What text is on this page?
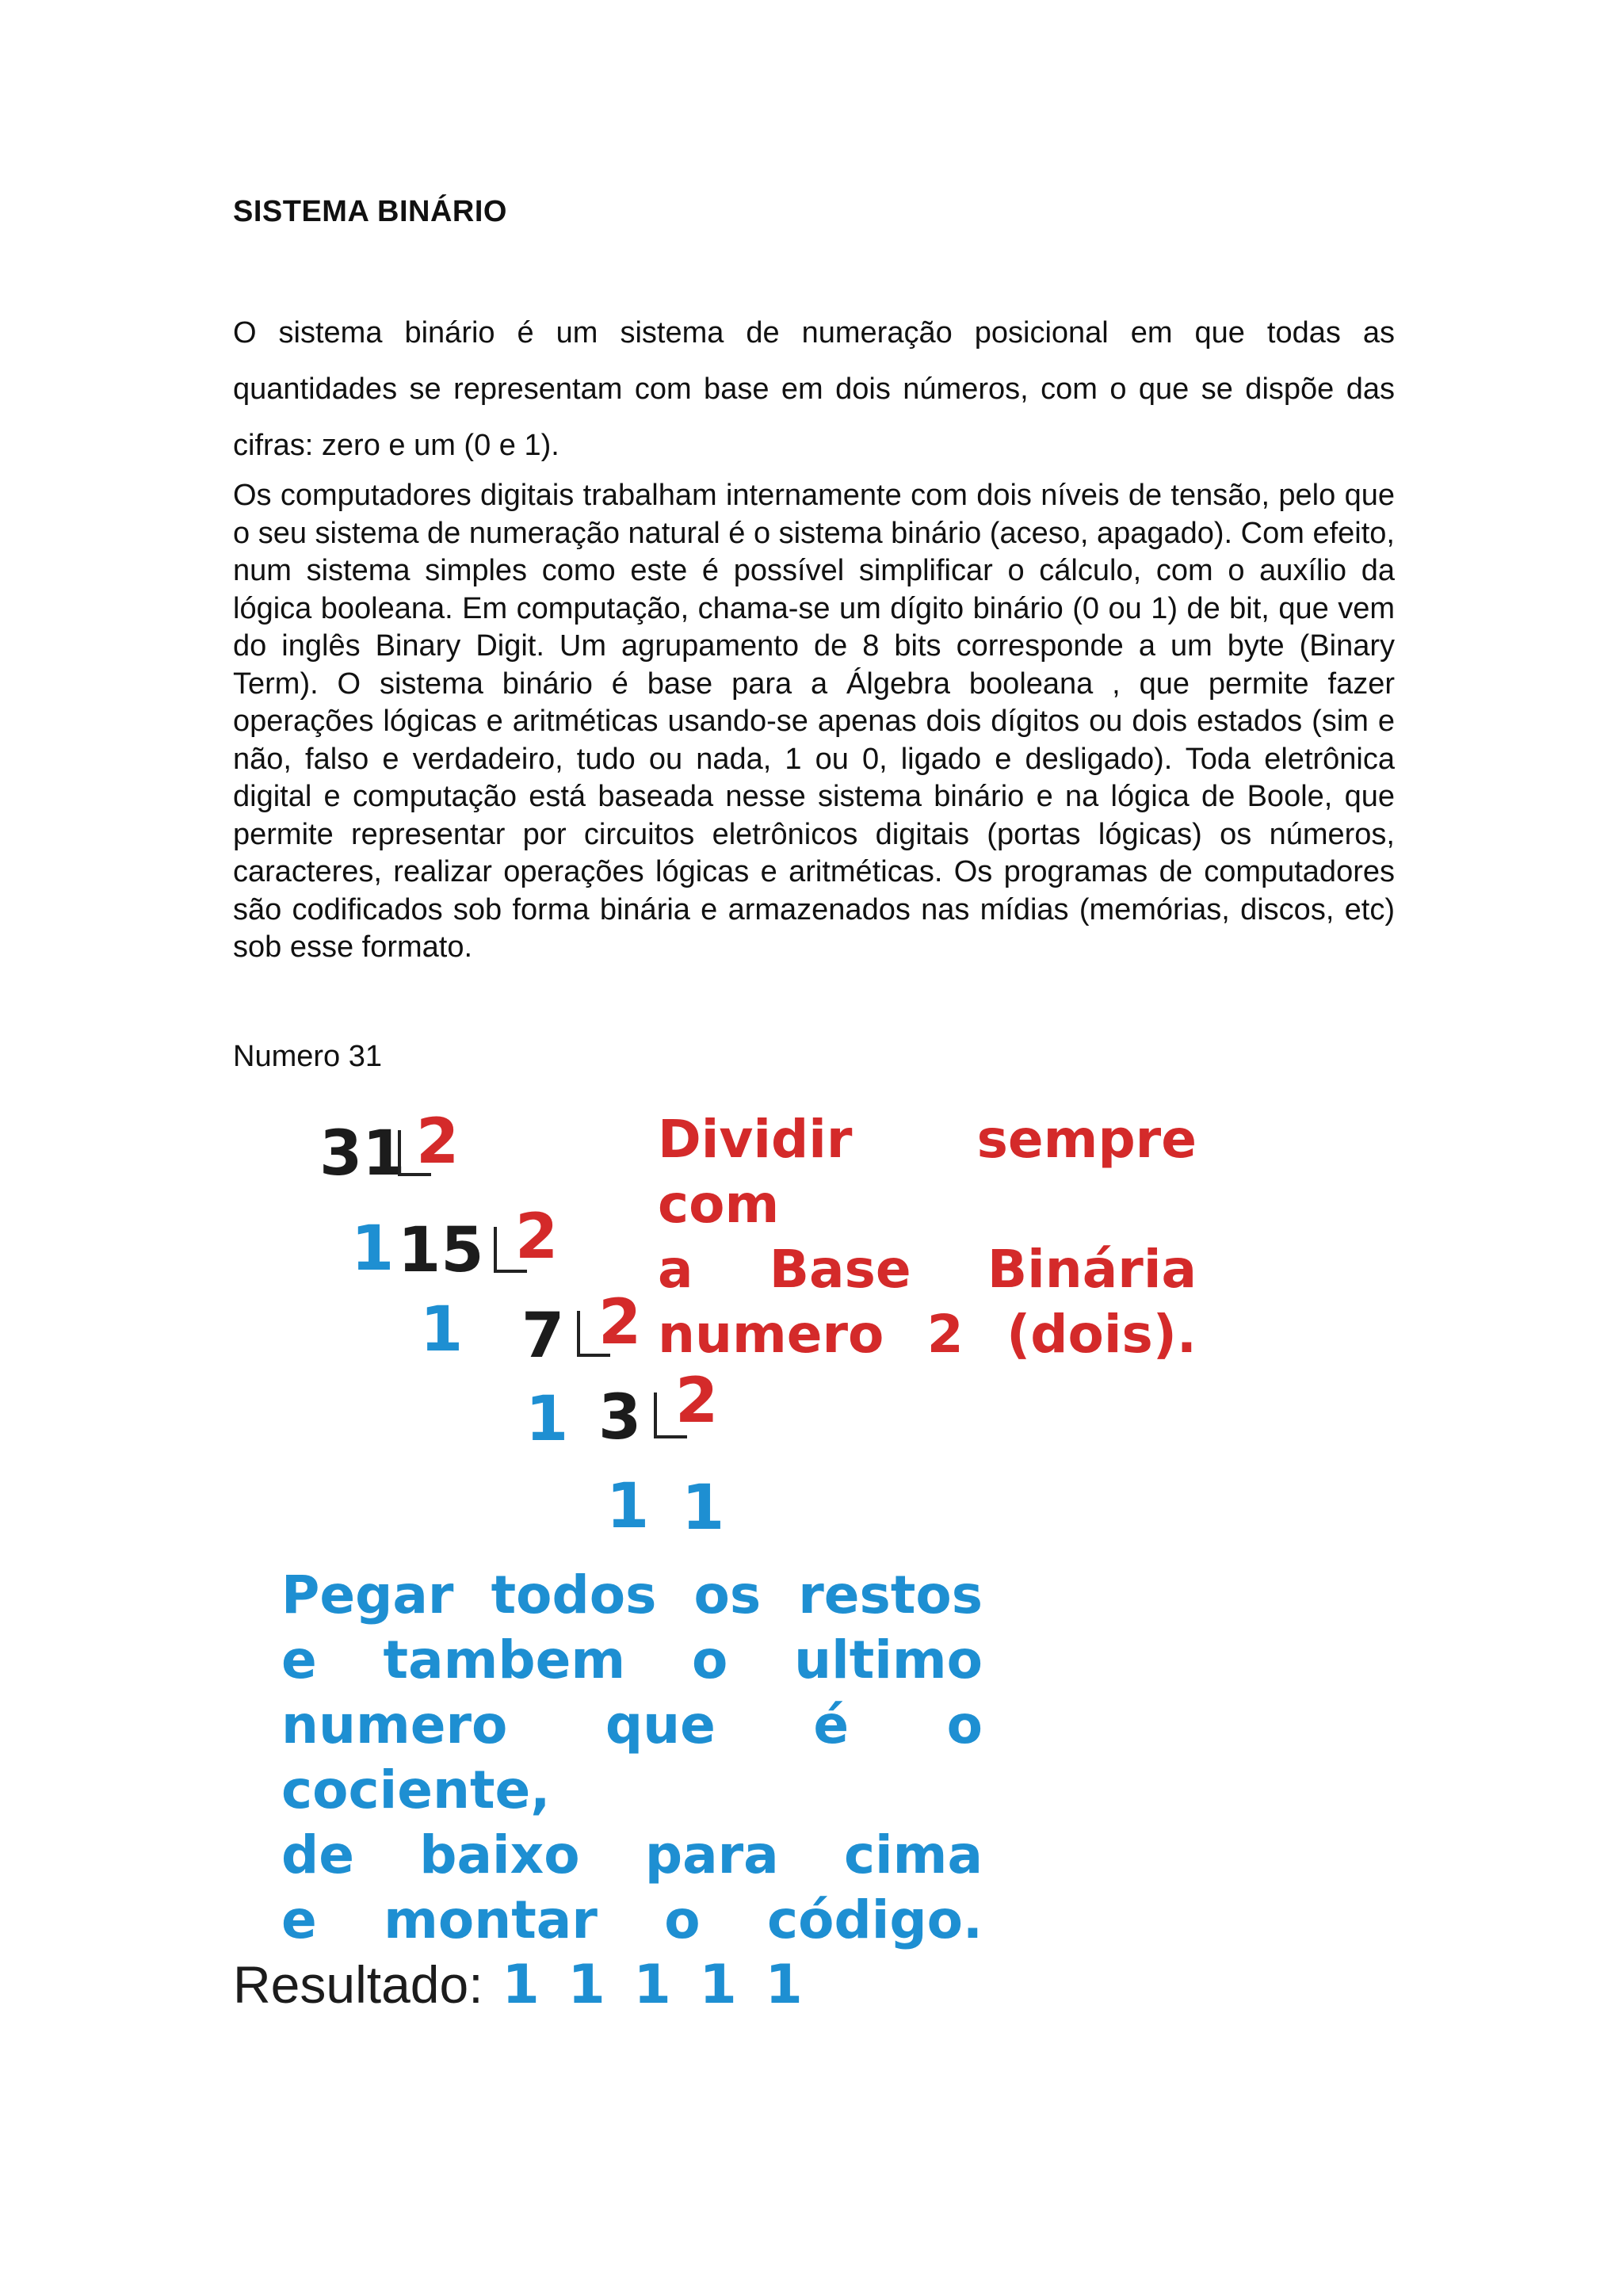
SISTEMA BINÁRIO

O sistema binário é um sistema de numeração posicional em que todas as quantidades se representam com base em dois números, com o que se dispõe das cifras: zero e um (0 e 1).

Os computadores digitais trabalham internamente com dois níveis de tensão, pelo que o seu sistema de numeração natural é o sistema binário (aceso, apagado). Com efeito, num sistema simples como este é possível simplificar o cálculo, com o auxílio da lógica booleana. Em computação, chama-se um dígito binário (0 ou 1) de bit, que vem do inglês Binary Digit. Um agrupamento de 8 bits corresponde a um byte (Binary Term). O sistema binário é base para a Álgebra booleana , que permite fazer operações lógicas e aritméticas usando-se apenas dois dígitos ou dois estados (sim e não, falso e verdadeiro, tudo ou nada, 1 ou 0, ligado e desligado). Toda eletrônica digital e computação está baseada nesse sistema binário e na lógica de Boole, que permite representar por circuitos eletrônicos digitais (portas lógicas) os números, caracteres, realizar operações lógicas e aritméticas. Os programas de computadores são codificados sob forma binária e armazenados nas mídias (memórias, discos, etc) sob esse formato.

Numero 31

31 2
1 15 2
1 7 2
1 3 2
1 1
Dividir sempre com
a Base Binária
numero 2 (dois).
Pegar todos os restos
e tambem o ultimo
numero que é o cociente,
de baixo para cima
e montar o código.
Resultado: 1 1 1 1 1
